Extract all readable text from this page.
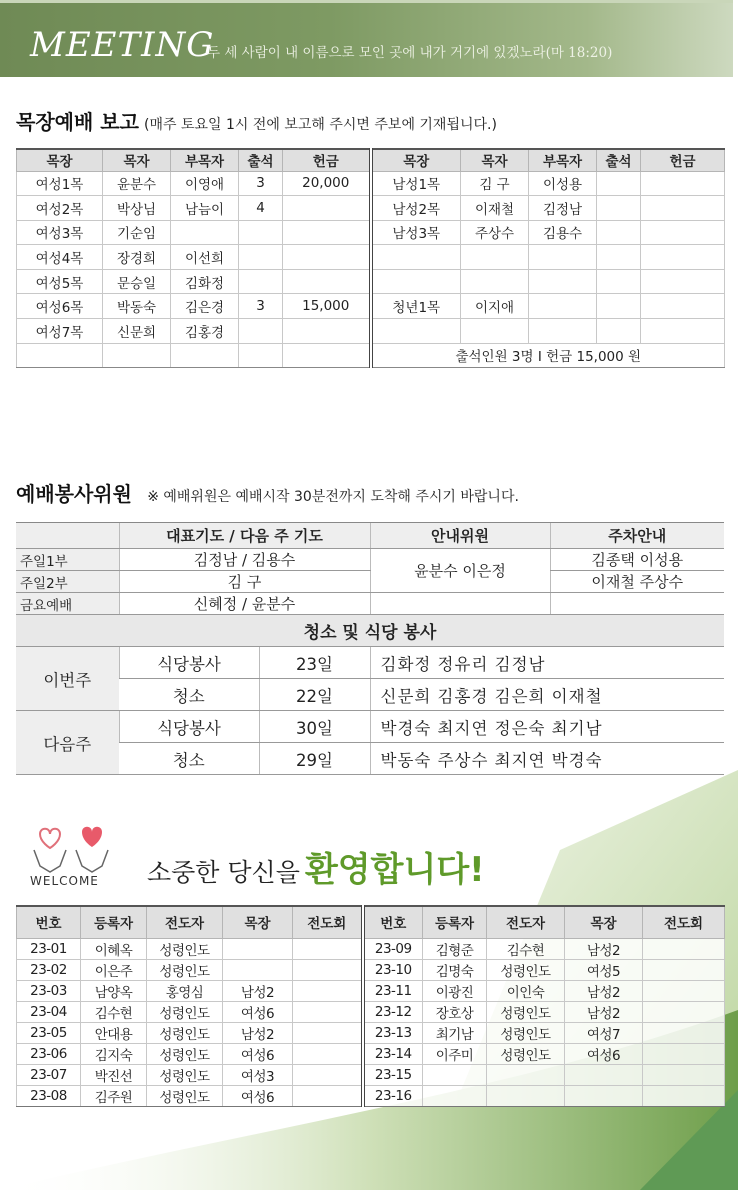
MEETING
두 세 사람이 내 이름으로 모인 곳에 내가 거기에 있겠노라(마 18:20)
목장예배 보고 (매주 토요일 1시 전에 보고해 주시면 주보에 기재됩니다.)
목장	목자	부목자	출석	헌금	목장	목자	부목자	출석	헌금
여성1목	윤분수	이영애	3	20,000	남성1목	김 구	이성용		
여성2목	박상님	남늠이	4		남성2목	이재철	김정남		
여성3목	기순임				남성3목	주상수	김용수		
여성4목	장경희	이선희							
여성5목	문승일	김화정							
여성6목	박동숙	김은경	3	15,000	청년1목	이지애			
여성7목	신문희	김홍경							
					출석인원 3명 I 헌금 15,000 원				
예배봉사위원 ※ 예배위원은 예배시작 30분전까지 도착해 주시기 바랍니다.
	대표기도 / 다음 주 기도		안내위원	주차안내
주일1부	김정남 / 김용수		윤분수 이은정	김종택 이성용
주일2부	김 구			이재철 주상수
금요예배	신혜정 / 윤분수			
청소 및 식당 봉사				
이번주	식당봉사	23일	김화정 정유리 김정남	
	청소	22일	신문희 김홍경 김은희 이재철	
다음주	식당봉사	30일	박경숙 최지연 정은숙 최기남	
	청소	29일	박동숙 주상수 최지연 박경숙	
WELCOME 소중한 당신을 환영합니다!
번호	등록자	전도자	목장	전도회	번호	등록자	전도자	목장	전도회
23-01	이혜옥	성령인도			23-09	김형준	김수현	남성2	
23-02	이은주	성령인도			23-10	김명숙	성령인도	여성5	
23-03	남양옥	홍영심	남성2		23-11	이광진	이인숙	남성2	
23-04	김수현	성령인도	여성6		23-12	장호상	성령인도	남성2	
23-05	안대용	성령인도	남성2		23-13	최기남	성령인도	여성7	
23-06	김지숙	성령인도	여성6		23-14	이주미	성령인도	여성6	
23-07	박진선	성령인도	여성3		23-15				
23-08	김주원	성령인도	여성6		23-16				
